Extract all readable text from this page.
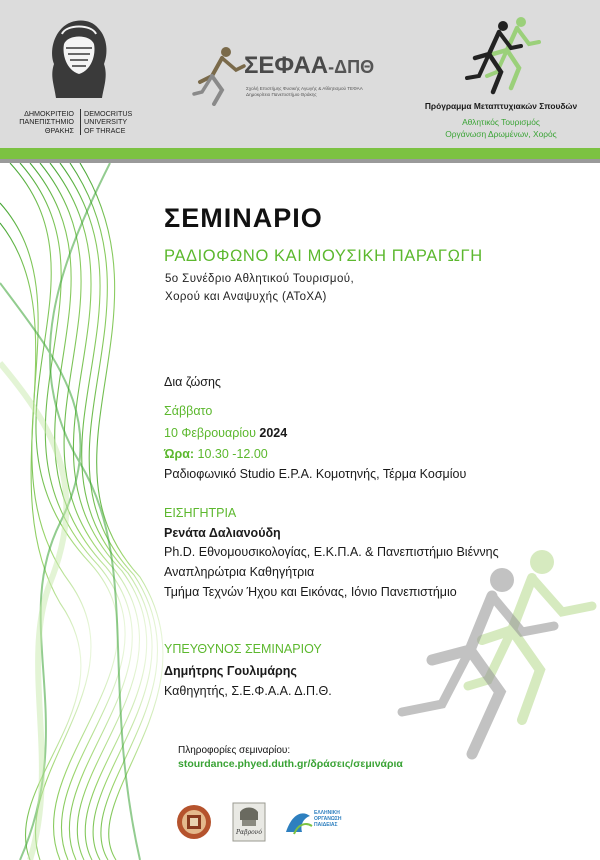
ΔΗΜΟΚΡΙΤΕΙΟ
ΠΑΝΕΠΙΣΤΗΜΙΟ
ΘΡΑΚΗΣ
DEMOCRITUS
UNIVERSITY
OF THRACE
ΣΕΦΑΑ-ΔΠΘ
Σχολή Επιστήμης Φυσικής Αγωγής & Αθλητισμού ΤΕΦΑΑ
Δημοκρίτειο Πανεπιστήμιο Θράκης
Πρόγραμμα Μεταπτυχιακών Σπουδών
Αθλητικός Τουρισμός
Οργάνωση Δρωμένων, Χορός
ΣΕΜΙΝΑΡΙΟ
ΡΑΔΙΟΦΩΝΟ ΚΑΙ ΜΟΥΣΙΚΗ ΠΑΡΑΓΩΓΗ
5ο Συνέδριο Αθλητικού Τουρισμού,
Χορού και Αναψυχής (ΑΤοΧΑ)
Δια ζώσης
Σάββατο
10 Φεβρουαρίου 2024
Ώρα: 10.30 -12.00
Ραδιοφωνικό Studio Ε.Ρ.Α. Κομοτηνής, Τέρμα Κοσμίου
ΕΙΣΗΓΗΤΡΙΑ
Ρενάτα Δαλιανούδη
Ph.D. Εθνομουσικολογίας, Ε.Κ.Π.Α. & Πανεπιστήμιο Βιέννης
Αναπληρώτρια Καθηγήτρια
Τμήμα Τεχνών Ήχου και Εικόνας, Ιόνιο Πανεπιστήμιο
ΥΠΕΥΘΥΝΟΣ ΣΕΜΙΝΑΡΙΟΥ
Δημήτρης Γουλιμάρης
Καθηγητής, Σ.Ε.Φ.Α.Α. Δ.Π.Θ.
Πληροφορίες σεμιναρίου:
stourdance.phyed.duth.gr/δράσεις/σεμινάρια
Ραβρονό
ΕΛΛΗΝΙΚΗ
ΟΡΓΑΝΩΣΗ
ΠΑΙΔΕΙΑΣ
